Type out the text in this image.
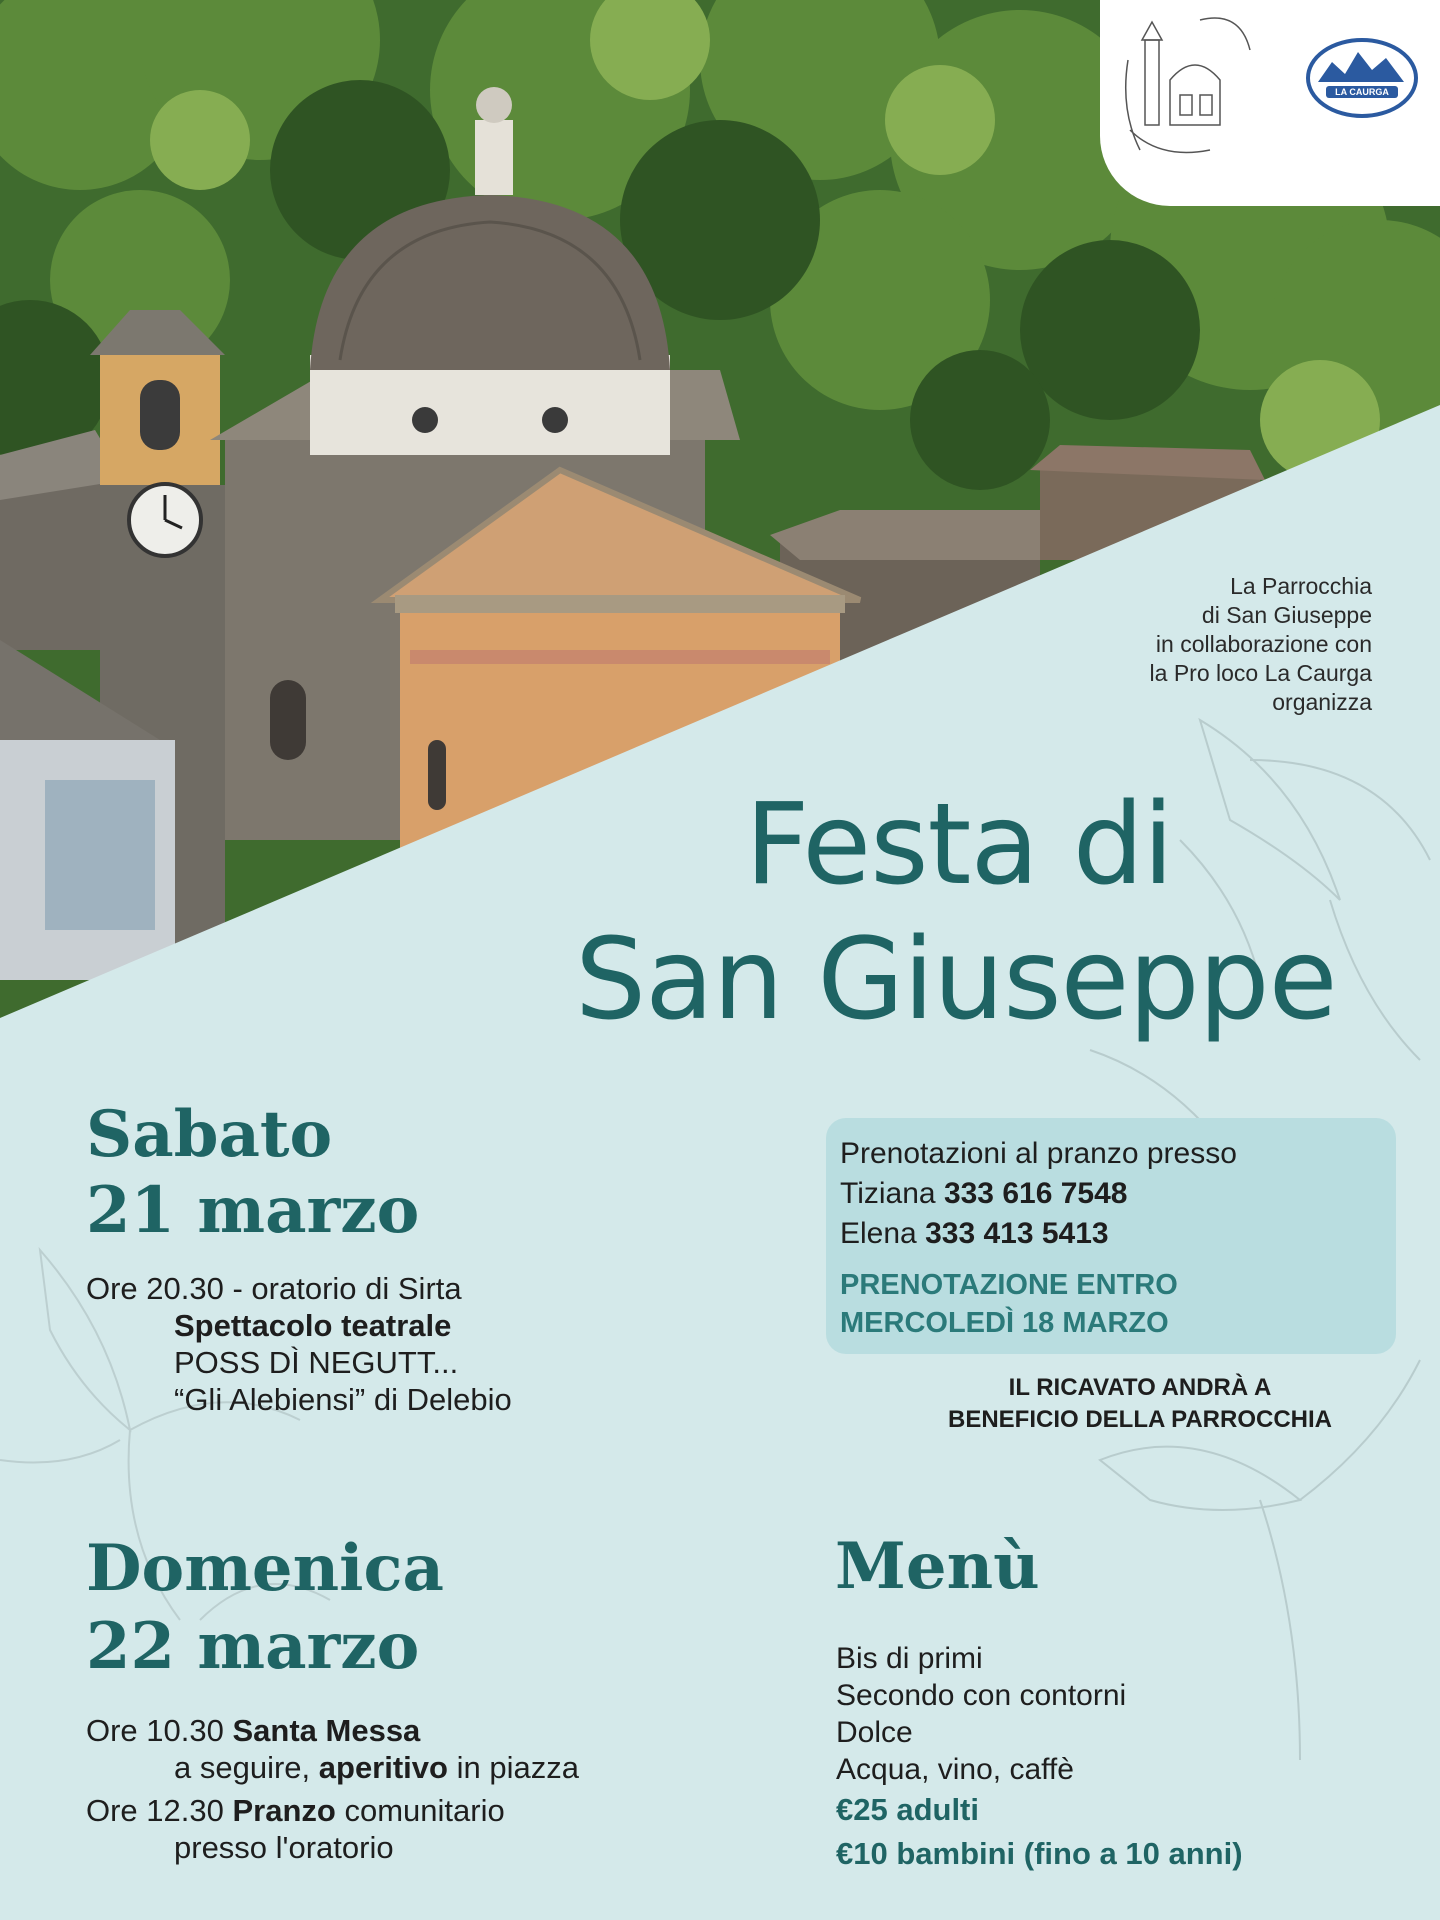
LA CAURGA
La Parrocchia
di San Giuseppe
in collaborazione con
la Pro loco La Caurga
organizza
Festa di
San Giuseppe
Sabato
21 marzo
Ore 20.30 - oratorio di Sirta
Spettacolo teatrale
POSS DÌ NEGUTT...
“Gli Alebiensi” di Delebio
Prenotazioni al pranzo presso
Tiziana 333 616 7548
Elena 333 413 5413
PRENOTAZIONE ENTRO
MERCOLEDÌ 18 MARZO
IL RICAVATO ANDRÀ A
BENEFICIO DELLA PARROCCHIA
Domenica
22 marzo
Ore 10.30 Santa Messa
a seguire, aperitivo in piazza
Ore 12.30 Pranzo comunitario
presso l'oratorio
Menù
Bis di primi
Secondo con contorni
Dolce
Acqua, vino, caffè
€25 adulti
€10 bambini (fino a 10 anni)
